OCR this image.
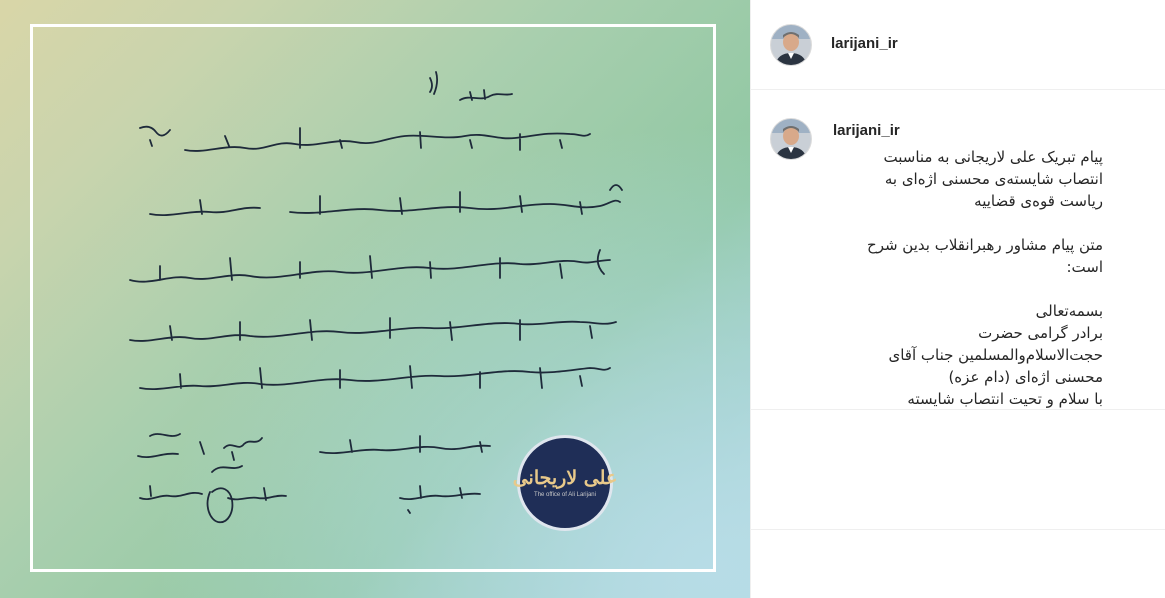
علی لاریجانی
The office of Ali Larijani
larijani_ir
larijani_ir

پیام تبریک علی لاریجانی به مناسبت

انتصاب شایسته‌ی محسنی اژه‌ای به

ریاست قوه‌ی قضاییه

متن پیام مشاور رهبرانقلاب بدین شرح

است:

بسمه‌تعالی

برادر گرامی حضرت

حجت‌الاسلام‌والمسلمین جناب آقای

محسنی اژه‌ای (دام عزه)

با سلام و تحیت انتصاب شایسته
